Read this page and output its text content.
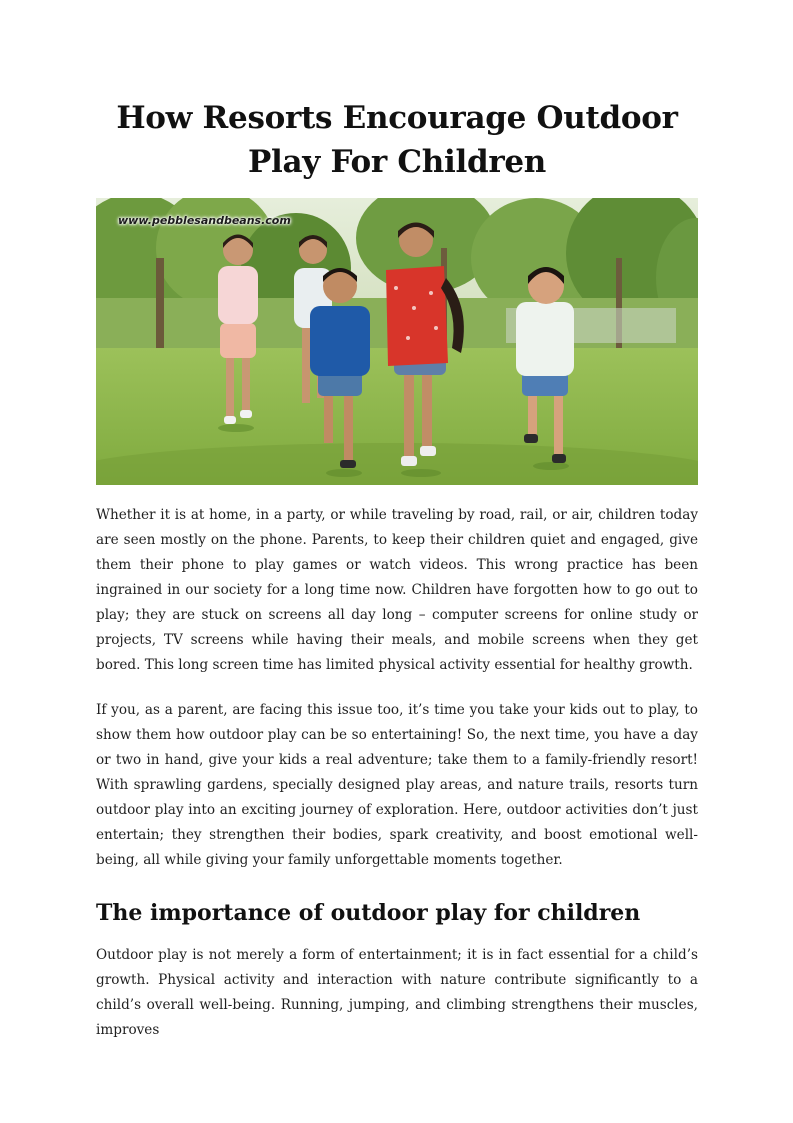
How Resorts Encourage Outdoor Play For Children
www.pebblesandbeans.com

Whether it is at home, in a party, or while traveling by road, rail, or air, children today are seen mostly on the phone. Parents, to keep their children quiet and engaged, give them their phone to play games or watch videos. This wrong practice has been ingrained in our society for a long time now. Children have forgotten how to go out to play; they are stuck on screens all day long – computer screens for online study or projects, TV screens while having their meals, and mobile screens when they get bored. This long screen time has limited physical activity essential for healthy growth.

If you, as a parent, are facing this issue too, it’s time you take your kids out to play, to show them how outdoor play can be so entertaining! So, the next time, you have a day or two in hand, give your kids a real adventure; take them to a family-friendly resort! With sprawling gardens, specially designed play areas, and nature trails, resorts turn outdoor play into an exciting journey of exploration. Here, outdoor activities don’t just entertain; they strengthen their bodies, spark creativity, and boost emotional well-being, all while giving your family unforgettable moments together.

The importance of outdoor play for children

Outdoor play is not merely a form of entertainment; it is in fact essential for a child’s growth. Physical activity and interaction with nature contribute significantly to a child’s overall well-being. Running, jumping, and climbing strengthens their muscles, improves
